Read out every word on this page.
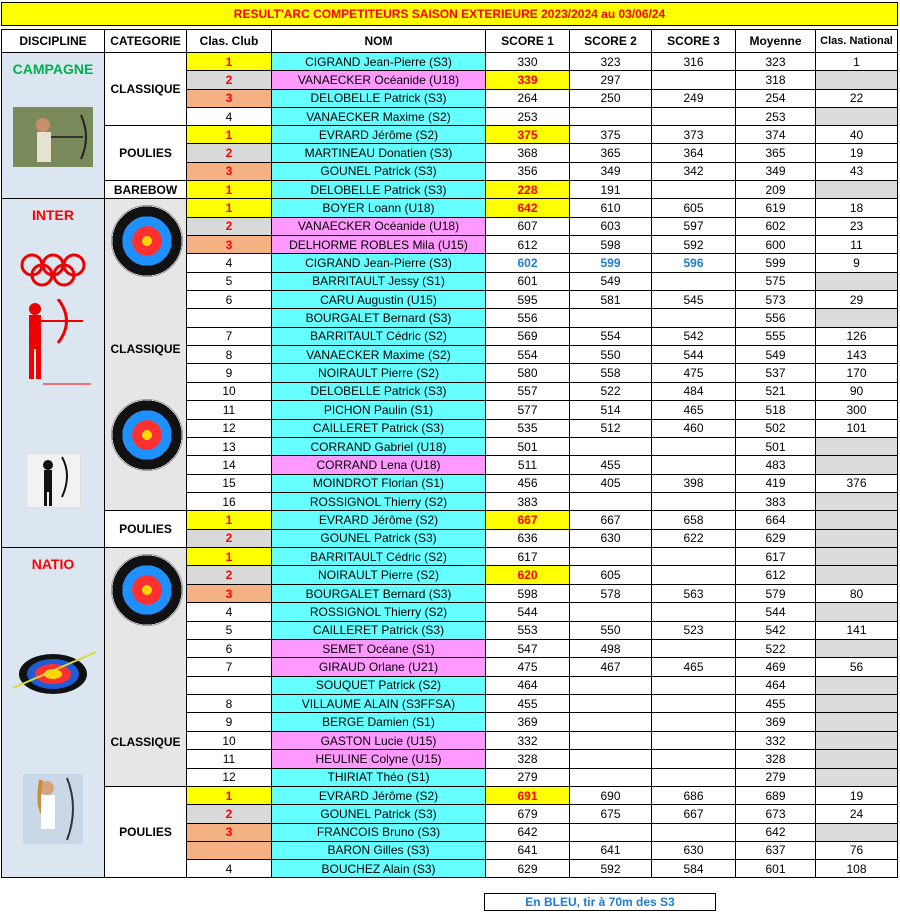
RESULT'ARC COMPETITEURS SAISON EXTERIEURE 2023/2024 au 03/06/24
DISCIPLINE	CATEGORIE	Clas. Club	NOM	SCORE 1	SCORE 2	SCORE 3	Moyenne	Clas. National

CAMPAGNE	CLASSIQUE	1	CIGRAND Jean-Pierre (S3)	330	323	316	323	1
		2	VANAECKER Océanide (U18)	339	297		318	
		3	DELOBELLE Patrick (S3)	264	250	249	254	22
		4	VANAECKER Maxime (S2)	253			253	
	POULIES	1	EVRARD Jérôme (S2)	375	375	373	374	40
		2	MARTINEAU Donatien (S3)	368	365	364	365	19
		3	GOUNEL Patrick (S3)	356	349	342	349	43
	BAREBOW	1	DELOBELLE Patrick (S3)	228	191		209	

INTER	CLASSIQUE	1	BOYER Loann (U18)	642	610	605	619	18
		2	VANAECKER Océanide (U18)	607	603	597	602	23
		3	DELHORME ROBLES Mila (U15)	612	598	592	600	11
		4	CIGRAND Jean-Pierre (S3)	602	599	596	599	9
		5	BARRITAULT Jessy (S1)	601	549		575	
		6	CARU Augustin (U15)	595	581	545	573	29
			BOURGALET Bernard (S3)	556			556	
		7	BARRITAULT Cédric (S2)	569	554	542	555	126
		8	VANAECKER Maxime (S2)	554	550	544	549	143
		9	NOIRAULT Pierre (S2)	580	558	475	537	170
		10	DELOBELLE Patrick (S3)	557	522	484	521	90
		11	PICHON Paulin (S1)	577	514	465	518	300
		12	CAILLERET Patrick (S3)	535	512	460	502	101
		13	CORRAND Gabriel (U18)	501			501	
		14	CORRAND Lena (U18)	511	455		483	
		15	MOINDROT Florian (S1)	456	405	398	419	376
		16	ROSSIGNOL Thierry (S2)	383			383	
	POULIES	1	EVRARD Jérôme (S2)	667	667	658	664	
		2	GOUNEL Patrick (S3)	636	630	622	629	

NATIO	CLASSIQUE	1	BARRITAULT Cédric (S2)	617			617	
		2	NOIRAULT Pierre (S2)	620	605		612	
		3	BOURGALET Bernard (S3)	598	578	563	579	80
		4	ROSSIGNOL Thierry (S2)	544			544	
		5	CAILLERET Patrick (S3)	553	550	523	542	141
		6	SEMET Océane (S1)	547	498		522	
		7	GIRAUD Orlane (U21)	475	467	465	469	56
			SOUQUET Patrick (S2)	464			464	
		8	VILLAUME ALAIN (S3FFSA)	455			455	
		9	BERGE Damien (S1)	369			369	
		10	GASTON Lucie (U15)	332			332	
		11	HEULINE Colyne (U15)	328			328	
		12	THIRIAT Théo (S1)	279			279	
	POULIES	1	EVRARD Jérôme (S2)	691	690	686	689	19
		2	GOUNEL Patrick (S3)	679	675	667	673	24
		3	FRANCOIS Bruno (S3)	642			642	
			BARON Gilles (S3)	641	641	630	637	76
		4	BOUCHEZ Alain (S3)	629	592	584	601	108
En BLEU, tir à 70m des S3
